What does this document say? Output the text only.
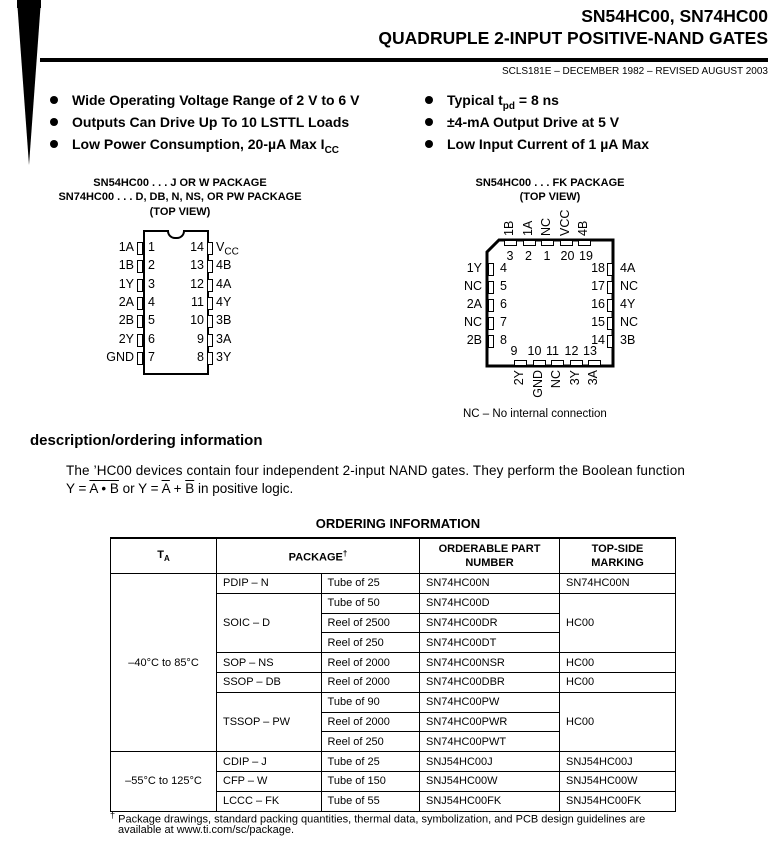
SN54HC00, SN74HC00
QUADRUPLE 2-INPUT POSITIVE-NAND GATES
SCLS181E – DECEMBER 1982 – REVISED AUGUST 2003
SN54HC00 . . . J OR W PACKAGE
SN74HC00 . . . D, DB, N, NS, OR PW PACKAGE
(TOP VIEW)
1A 1	14 $V_{CC}$
1B 2	13 4B
1Y 3	12 4A
2A 4	11 4Y
2B 5	10 3B
2Y 6	9 3A
GND 7	8 3Y
SN54HC00 . . . FK PACKAGE
(TOP VIEW)
NC – No internal connection
1B
3
9
2Y
1Y 4	18 4A
1A
2
10
GND
NC 5	17 NC
NC
1
11
NC
2A 6	16 4Y
VCC
20
12
3Y
NC 7	15 NC
4B
19
13
3A
2B 8	14 3B
description/ordering information
The ’HC00 devices contain four independent 2-input NAND gates. They perform the Boolean function
Y = A • B or $Y = \overline{A} + \overline{B}$ in positive logic.
ORDERING INFORMATION
$T_A$	PACKAGE†		ORDERABLE PART NUMBER	TOP-SIDE MARKING

–40°C to 85°C	PDIP – N	Tube of 25	SN74HC00N	SN74HC00N
	SOIC – D	Tube of 50	SN74HC00D	HC00
		Reel of 2500	SN74HC00DR	
		Reel of 250	SN74HC00DT	
	SOP – NS	Reel of 2000	SN74HC00NSR	HC00
	SSOP – DB	Reel of 2000	SN74HC00DBR	HC00
	TSSOP – PW	Tube of 90	SN74HC00PW	HC00
		Reel of 2000	SN74HC00PWR	
		Reel of 250	SN74HC00PWT	
–55°C to 125°C	CDIP – J	Tube of 25	SNJ54HC00J	SNJ54HC00J
	CFP – W	Tube of 150	SNJ54HC00W	SNJ54HC00W
	LCCC – FK	Tube of 55	SNJ54HC00FK	SNJ54HC00FK
† Package drawings, standard packing quantities, thermal data, symbolization, and PCB design guidelines are
available at www.ti.com/sc/package.
Wide Operating Voltage Range of 2 V to 6 V
Outputs Can Drive Up To 10 LSTTL Loads
Low Power Consumption, 20-µA Max $I_{CC}$
Typical $t_{pd} = 8$ ns
±4-mA Output Drive at 5 V
Low Input Current of 1 µA Max
